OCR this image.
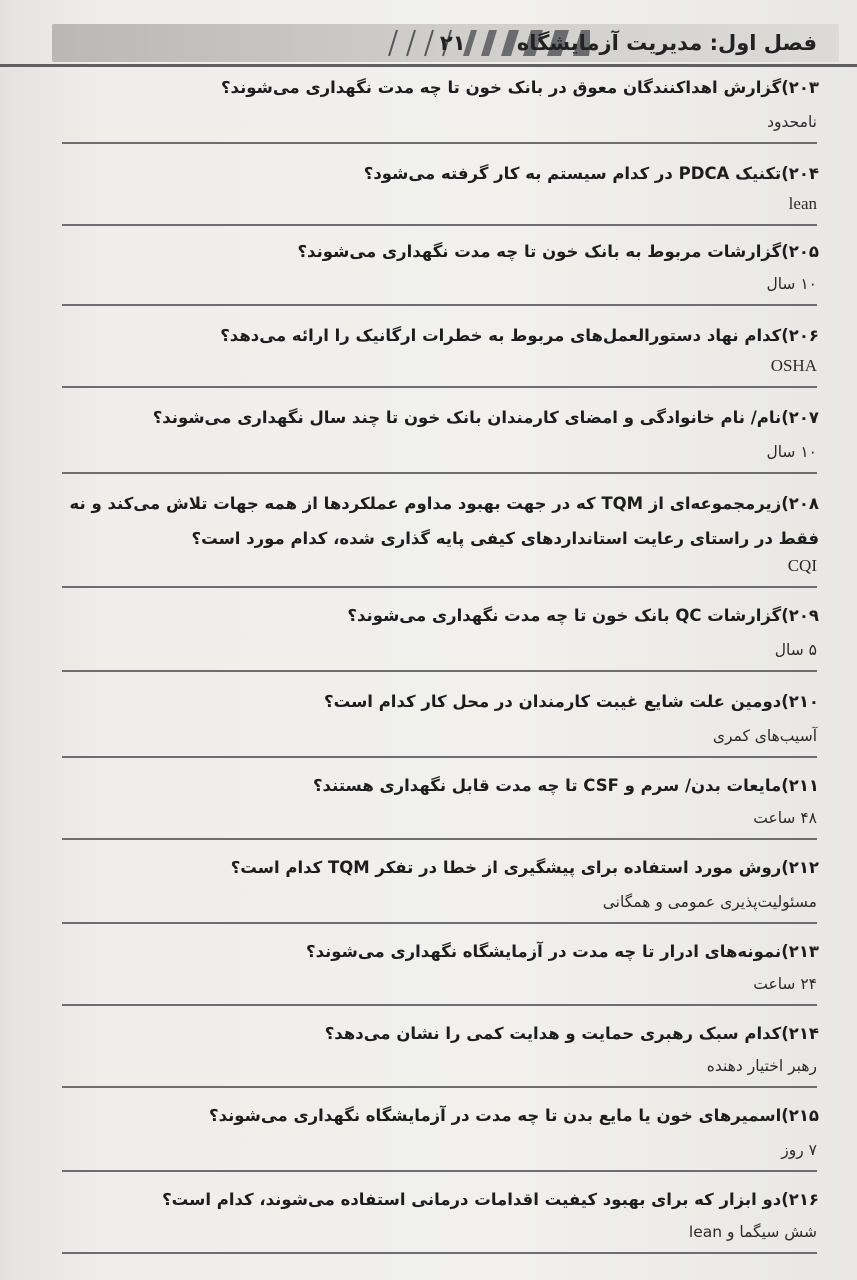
فصل اول: مدیریت آزمایشگاه ۲۱

۲۰۳)گزارش اهداکنندگان معوق در بانک خون تا چه مدت نگهداری می‌شوند؟
نامحدود
۲۰۴)تکنیک PDCA در کدام سیستم به کار گرفته می‌شود؟
lean
۲۰۵)گزارشات مربوط به بانک خون تا چه مدت نگهداری می‌شوند؟
۱۰ سال
۲۰۶)کدام نهاد دستورالعمل‌های مربوط به خطرات ارگانیک را ارائه می‌دهد؟
OSHA
۲۰۷)نام/ نام خانوادگی و امضای کارمندان بانک خون تا چند سال نگهداری می‌شوند؟
۱۰ سال
۲۰۸)زیرمجموعه‌ای از TQM که در جهت بهبود مداوم عملکردها از همه جهات تلاش می‌کند و نه فقط در راستای رعایت استانداردهای کیفی پایه گذاری شده، کدام مورد است؟
CQI
۲۰۹)گزارشات QC بانک خون تا چه مدت نگهداری می‌شوند؟
۵ سال
۲۱۰)دومین علت شایع غیبت کارمندان در محل کار کدام است؟
آسیب‌های کمری
۲۱۱)مایعات بدن/ سرم و CSF تا چه مدت قابل نگهداری هستند؟
۴۸ ساعت
۲۱۲)روش مورد استفاده برای پیشگیری از خطا در تفکر TQM کدام است؟
مسئولیت‌پذیری عمومی و همگانی
۲۱۳)نمونه‌های ادرار تا چه مدت در آزمایشگاه نگهداری می‌شوند؟
۲۴ ساعت
۲۱۴)کدام سبک رهبری حمایت و هدایت کمی را نشان می‌دهد؟
رهبر اختیار دهنده
۲۱۵)اسمیرهای خون یا مایع بدن تا چه مدت در آزمایشگاه نگهداری می‌شوند؟
۷ روز
۲۱۶)دو ابزار که برای بهبود کیفیت اقدامات درمانی استفاده می‌شوند، کدام است؟
شش سیگما و lean
